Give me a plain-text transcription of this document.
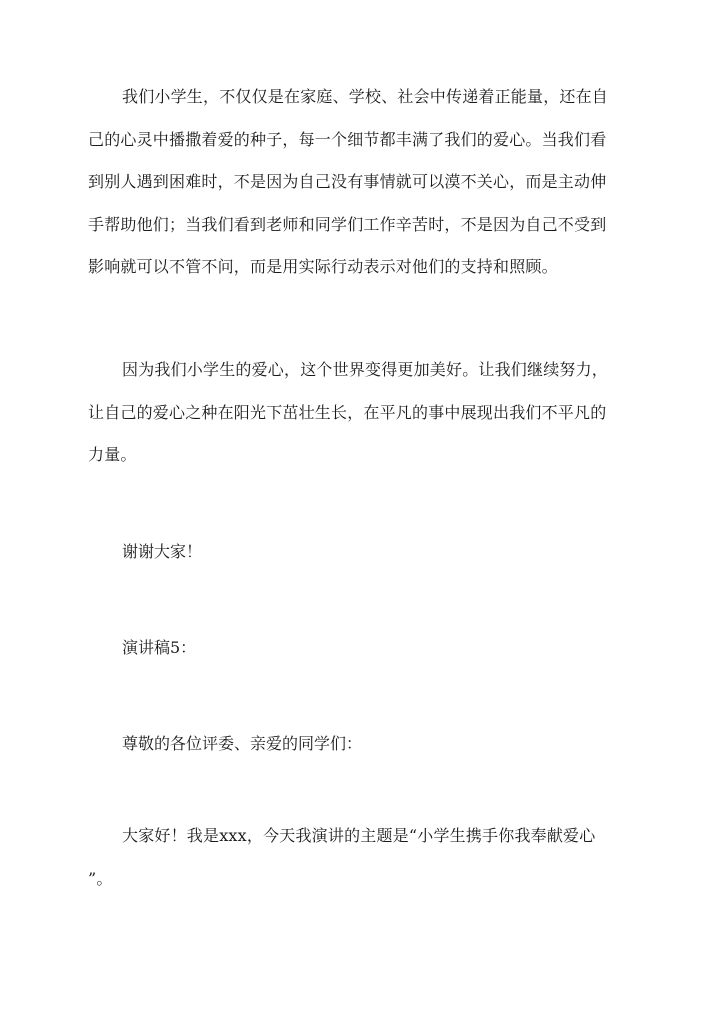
我们小学生，不仅仅是在家庭、学校、社会中传递着正能量，还在自
己的心灵中播撒着爱的种子，每一个细节都丰满了我们的爱心。当我们看
到别人遇到困难时，不是因为自己没有事情就可以漠不关心，而是主动伸
手帮助他们；当我们看到老师和同学们工作辛苦时，不是因为自己不受到
影响就可以不管不问，而是用实际行动表示对他们的支持和照顾。
因为我们小学生的爱心，这个世界变得更加美好。让我们继续努力，
让自己的爱心之种在阳光下茁壮生长，在平凡的事中展现出我们不平凡的
力量。

谢谢大家！

演讲稿5：

尊敬的各位评委、亲爱的同学们：

大家好！我是xxx，今天我演讲的主题是“小学生携手你我奉献爱心
”。
